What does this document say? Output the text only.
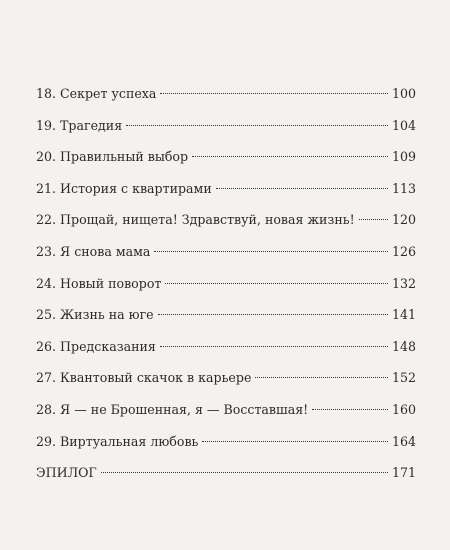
18. Секрет успеха	100
19. Трагедия	104
20. Правильный выбор	109
21. История с квартирами	113
22. Прощай, нищета! Здравствуй, новая жизнь!	120
23. Я снова мама	126
24. Новый поворот	132
25. Жизнь на юге	141
26. Предсказания	148
27. Квантовый скачок в карьере	152
28. Я — не Брошенная, я — Восставшая!	160
29. Виртуальная любовь	164
ЭПИЛОГ	171
